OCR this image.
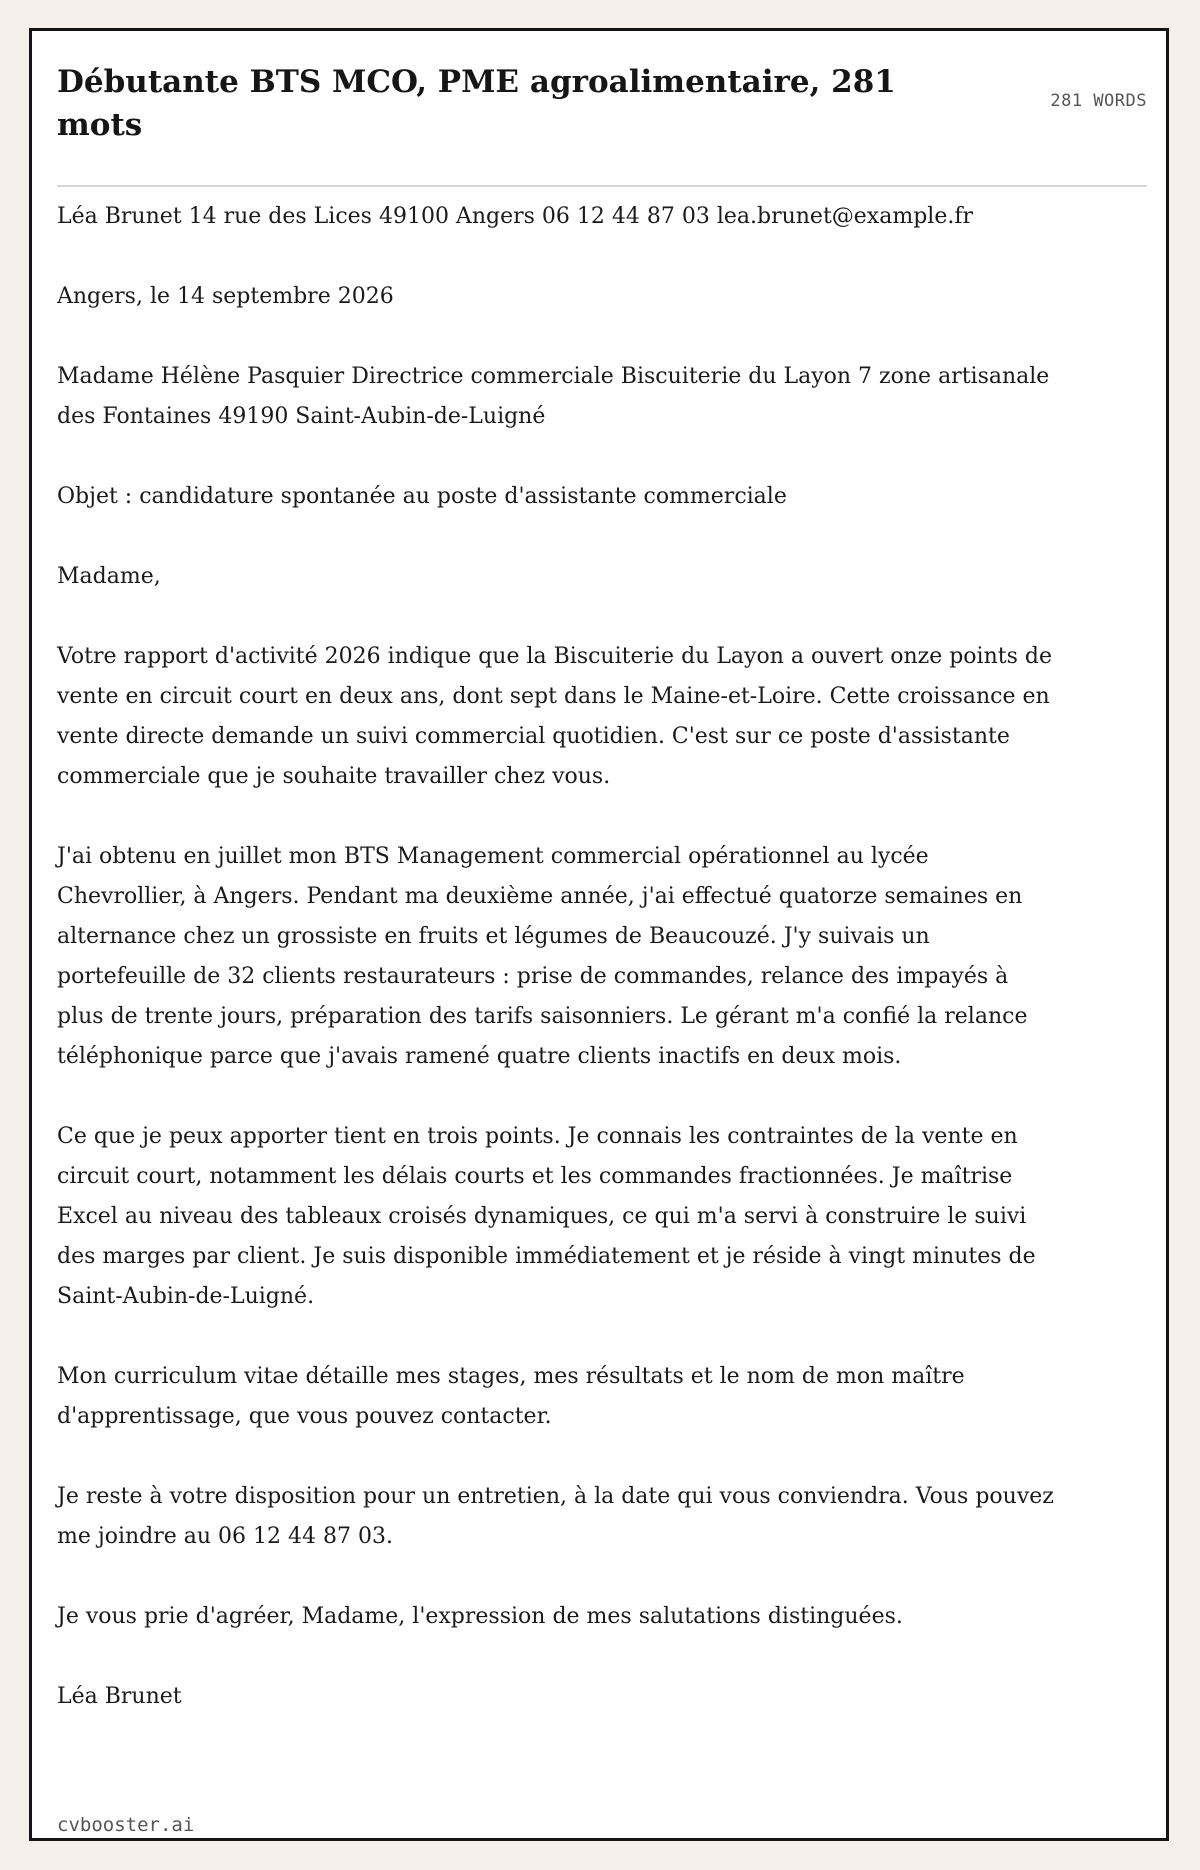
Débutante BTS MCO, PME agroalimentaire, 281 mots
281 WORDS

Léa Brunet 14 rue des Lices 49100 Angers 06 12 44 87 03 lea.brunet@example.fr

Angers, le 14 septembre 2026

Madame Hélène Pasquier Directrice commerciale Biscuiterie du Layon 7 zone artisanale des Fontaines 49190 Saint-Aubin-de-Luigné

Objet : candidature spontanée au poste d'assistante commerciale

Madame,

Votre rapport d'activité 2026 indique que la Biscuiterie du Layon a ouvert onze points de vente en circuit court en deux ans, dont sept dans le Maine-et-Loire. Cette croissance en vente directe demande un suivi commercial quotidien. C'est sur ce poste d'assistante commerciale que je souhaite travailler chez vous.

J'ai obtenu en juillet mon BTS Management commercial opérationnel au lycée Chevrollier, à Angers. Pendant ma deuxième année, j'ai effectué quatorze semaines en alternance chez un grossiste en fruits et légumes de Beaucouzé. J'y suivais un portefeuille de 32 clients restaurateurs : prise de commandes, relance des impayés à plus de trente jours, préparation des tarifs saisonniers. Le gérant m'a confié la relance téléphonique parce que j'avais ramené quatre clients inactifs en deux mois.

Ce que je peux apporter tient en trois points. Je connais les contraintes de la vente en circuit court, notamment les délais courts et les commandes fractionnées. Je maîtrise Excel au niveau des tableaux croisés dynamiques, ce qui m'a servi à construire le suivi des marges par client. Je suis disponible immédiatement et je réside à vingt minutes de Saint-Aubin-de-Luigné.

Mon curriculum vitae détaille mes stages, mes résultats et le nom de mon maître d'apprentissage, que vous pouvez contacter.

Je reste à votre disposition pour un entretien, à la date qui vous conviendra. Vous pouvez me joindre au 06 12 44 87 03.

Je vous prie d'agréer, Madame, l'expression de mes salutations distinguées.

Léa Brunet

cvbooster.ai
